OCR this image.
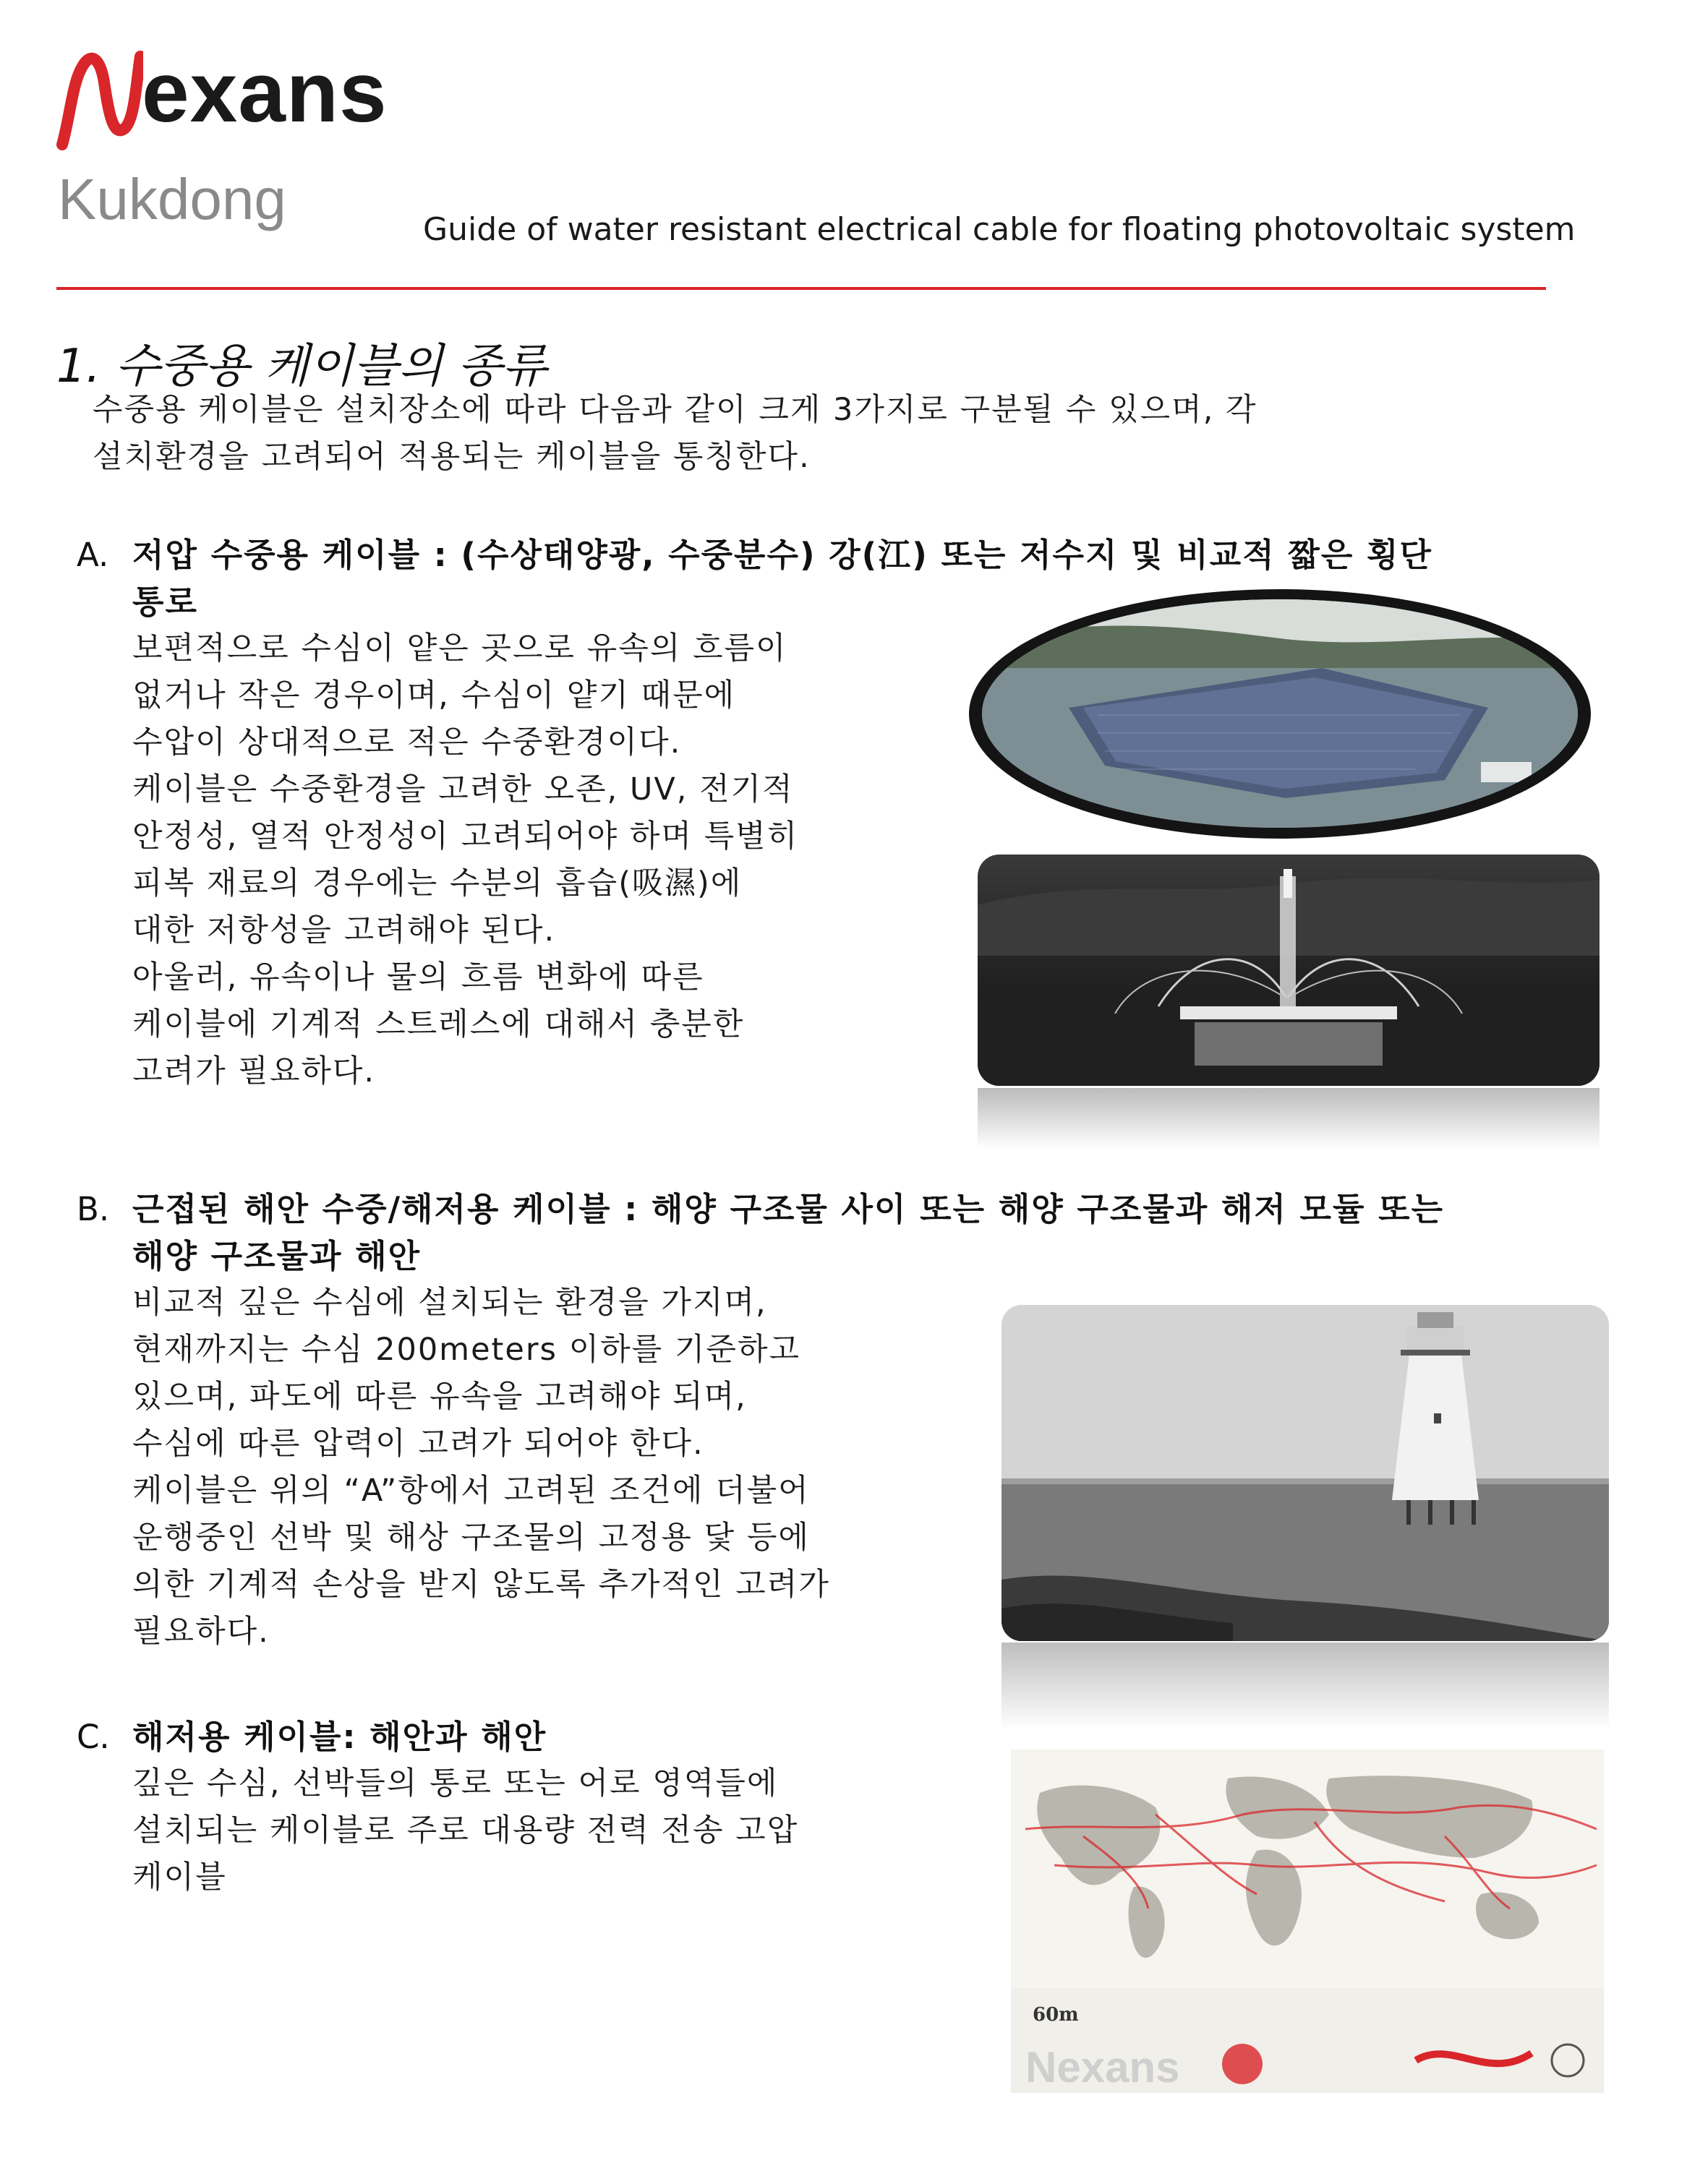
exans
Kukdong	Guide of water resistant electrical cable for floating photovoltaic system
1. 수중용 케이블의 종류
수중용 케이블은 설치장소에 따라 다음과 같이 크게 3가지로 구분될 수 있으며, 각
설치환경을 고려되어 적용되는 케이블을 통칭한다.
A. 저압 수중용 케이블 : (수상태양광, 수중분수) 강(江) 또는 저수지 및 비교적 짧은 횡단
통로
보편적으로 수심이 얕은 곳으로 유속의 흐름이
없거나 작은 경우이며, 수심이 얕기 때문에
수압이 상대적으로 적은 수중환경이다.
케이블은 수중환경을 고려한 오존, UV, 전기적
안정성, 열적 안정성이 고려되어야 하며 특별히
피복 재료의 경우에는 수분의 흡습(吸濕)에
대한 저항성을 고려해야 된다.
아울러, 유속이나 물의 흐름 변화에 따른
케이블에 기계적 스트레스에 대해서 충분한
고려가 필요하다.
B. 근접된 해안 수중/해저용 케이블 : 해양 구조물 사이 또는 해양 구조물과 해저 모듈 또는
해양 구조물과 해안
비교적 깊은 수심에 설치되는 환경을 가지며,
현재까지는 수심 200meters 이하를 기준하고
있으며, 파도에 따른 유속을 고려해야 되며,
수심에 따른 압력이 고려가 되어야 한다.
케이블은 위의 “A”항에서 고려된 조건에 더불어
운행중인 선박 및 해상 구조물의 고정용 닻 등에
의한 기계적 손상을 받지 않도록 추가적인 고려가
필요하다.
C. 해저용 케이블: 해안과 해안
깊은 수심, 선박들의 통로 또는 어로 영역들에
설치되는 케이블로 주로 대용량 전력 전송 고압
케이블
60m
Nexans
